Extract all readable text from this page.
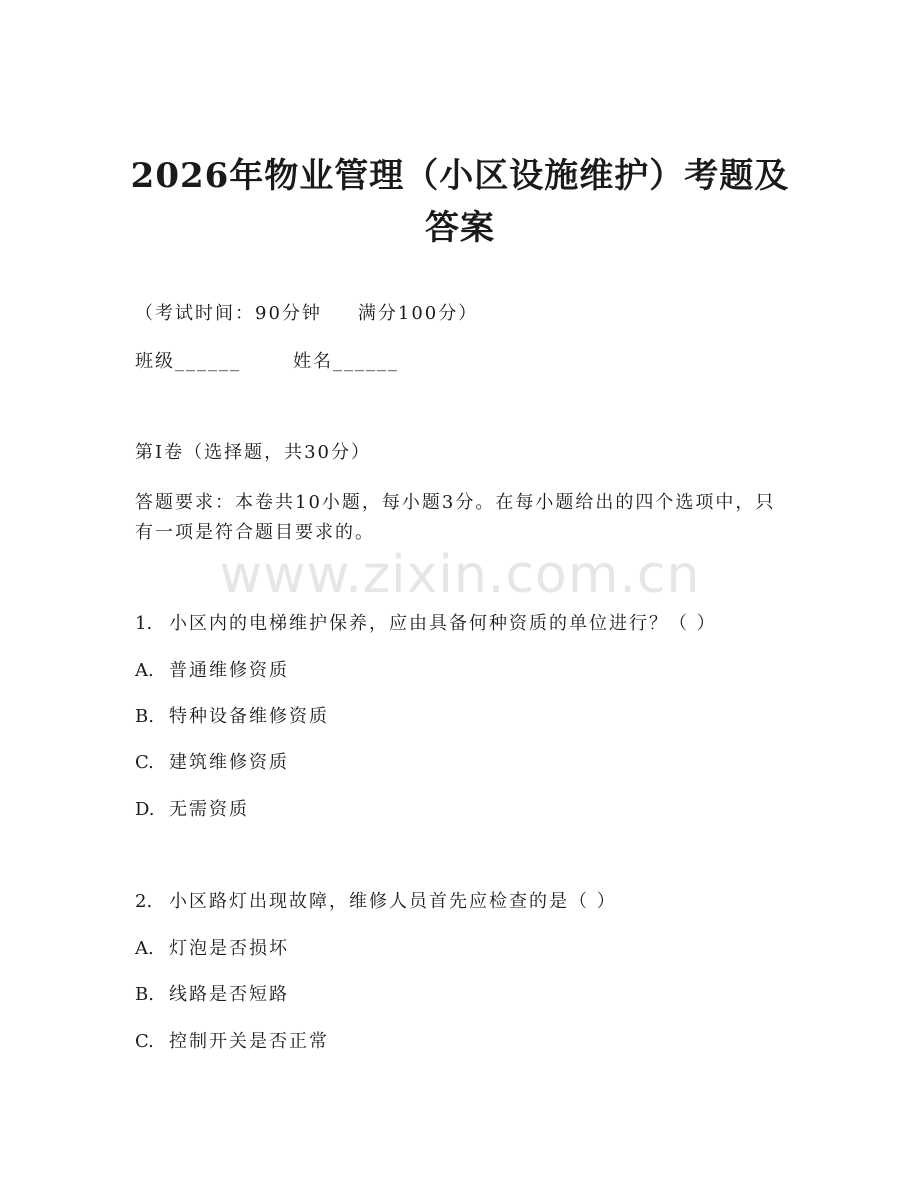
2026年物业管理（小区设施维护）考题及答案
（考试时间：90分钟 满分100分）
班级______	姓名______
第Ⅰ卷（选择题，共30分）
答题要求：本卷共10小题，每小题3分。在每小题给出的四个选项中，只有一项是符合题目要求的。
www.zixin.com.cn
1. 小区内的电梯维护保养，应由具备何种资质的单位进行？（ ）
A. 普通维修资质
B. 特种设备维修资质
C. 建筑维修资质
D. 无需资质
2. 小区路灯出现故障，维修人员首先应检查的是（ ）
A. 灯泡是否损坏
B. 线路是否短路
C. 控制开关是否正常
